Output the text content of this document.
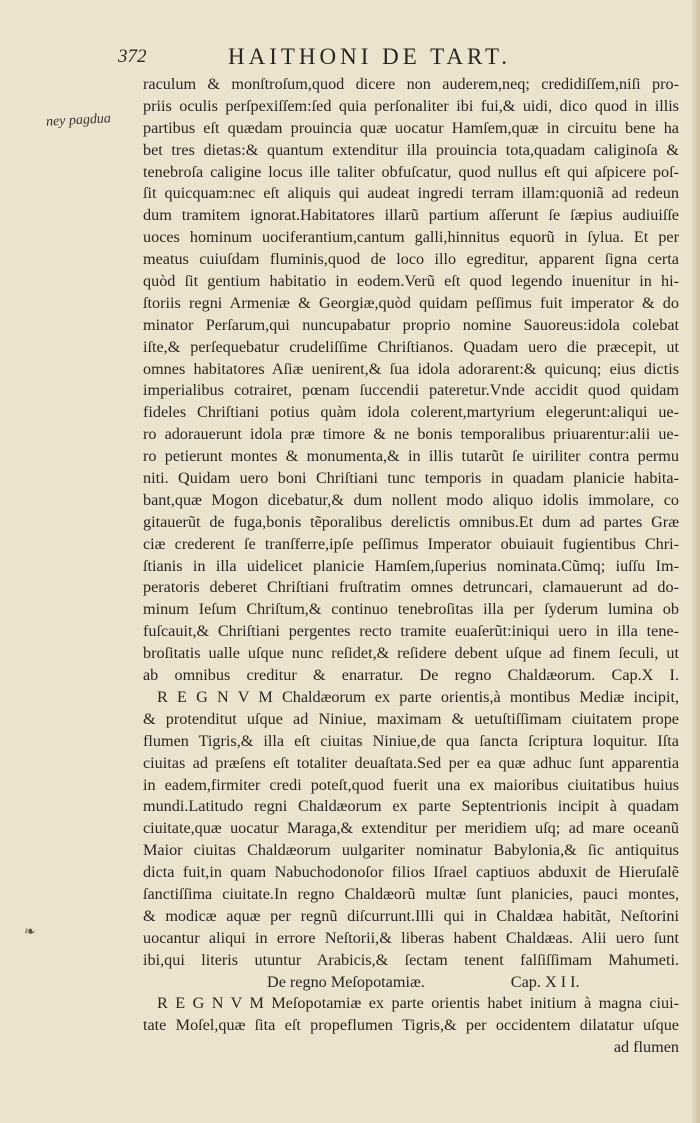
372	HAITHONI DE TART.
ney pagdua
❧
raculum & monſtroſum,quod dicere non auderem,neq; credidiſſem,niſi pro-
priis oculis perſpexiſſem:ſed quia perſonaliter ibi fui,& uidi, dico quod in illis
partibus eſt quædam prouincia quæ uocatur Hamſem,quæ in circuitu bene ha
bet tres dietas:& quantum extenditur illa prouincia tota,quadam caliginoſa &
tenebroſa caligine locus ille taliter obfuſcatur, quod nullus eſt qui aſpicere poſ-
ſit quicquam:nec eſt aliquis qui audeat ingredi terram illam:quoniã ad redeun
dum tramitem ignorat.Habitatores illarũ partium aſſerunt ſe ſæpius audiuiſſe
uoces hominum uociferantium,cantum galli,hinnitus equorũ in ſylua. Et per
meatus cuiuſdam fluminis,quod de loco illo egreditur, apparent ſigna certa
quòd ſit gentium habitatio in eodem.Verũ eſt quod legendo inuenitur in hi-
ſtoriis regni Armeniæ & Georgiæ,quòd quidam peſſimus fuit imperator & do
minator Perſarum,qui nuncupabatur proprio nomine Sauoreus:idola colebat
iſte,& perſequebatur crudeliſſime Chriſtianos. Quadam uero die præcepit, ut
omnes habitatores Aſiæ uenirent,& ſua idola adorarent:& quicunq; eius dictis
imperialibus cotrairet, pœnam ſuccendii pateretur.Vnde accidit quod quidam
fideles Chriſtiani potius quàm idola colerent,martyrium elegerunt:aliqui ue-
ro adorauerunt idola præ timore & ne bonis temporalibus priuarentur:alii ue-
ro petierunt montes & monumenta,& in illis tutarũt ſe uiriliter contra permu
niti. Quidam uero boni Chriſtiani tunc temporis in quadam planicie habita-
bant,quæ Mogon dicebatur,& dum nollent modo aliquo idolis immolare, co
gitauerũt de fuga,bonis tẽporalibus derelictis omnibus.Et dum ad partes Græ
ciæ crederent ſe tranſferre,ipſe peſſimus Imperator obuiauit fugientibus Chri-
ſtianis in illa uidelicet planicie Hamſem,ſuperius nominata.Cũmq; iuſſu Im-
peratoris deberet Chriſtiani fruſtratim omnes detruncari, clamauerunt ad do-
minum Ieſum Chriſtum,& continuo tenebroſitas illa per ſyderum lumina ob
fuſcauit,& Chriſtiani pergentes recto tramite euaſerũt:iniqui uero in illa tene-
broſitatis ualle uſque nunc reſidet,& reſidere debent uſque ad finem ſeculi, ut
ab omnibus creditur & enarratur. De regno Chaldæorum. Cap.X I.
R E G N V M Chaldæorum ex parte orientis,à montibus Mediæ incipit,
& protenditut uſque ad Niniue, maximam & uetuſtiſſimam ciuitatem prope
flumen Tigris,& illa eſt ciuitas Niniue,de qua ſancta ſcriptura loquitur. Iſta
ciuitas ad præſens eſt totaliter deuaſtata.Sed per ea quæ adhuc ſunt apparentia
in eadem,firmiter credi poteſt,quod fuerit una ex maioribus ciuitatibus huius
mundi.Latitudo regni Chaldæorum ex parte Septentrionis incipit à quadam
ciuitate,quæ uocatur Maraga,& extenditur per meridiem uſq; ad mare oceanũ
Maior ciuitas Chaldæorum uulgariter nominatur Babylonia,& ſic antiquitus
dicta fuit,in quam Nabuchodonoſor filios Iſrael captiuos abduxit de Hieruſalẽ
ſanctiſſima ciuitate.In regno Chaldæorũ multæ ſunt planicies, pauci montes,
& modicæ aquæ per regnũ diſcurrunt.Illi qui in Chaldæa habitãt, Neſtorini
uocantur aliqui in errore Neſtorii,& liberas habent Chaldæas. Alii uero ſunt
ibi,qui literis utuntur Arabicis,& ſectam tenent falſiſſimam Mahumeti.
De regno Meſopotamiæ.	Cap. X I I.
R E G N V M Meſopotamiæ ex parte orientis habet initium à magna ciui-
tate Moſel,quæ ſita eſt propeflumen Tigris,& per occidentem dilatatur uſque
ad flumen
